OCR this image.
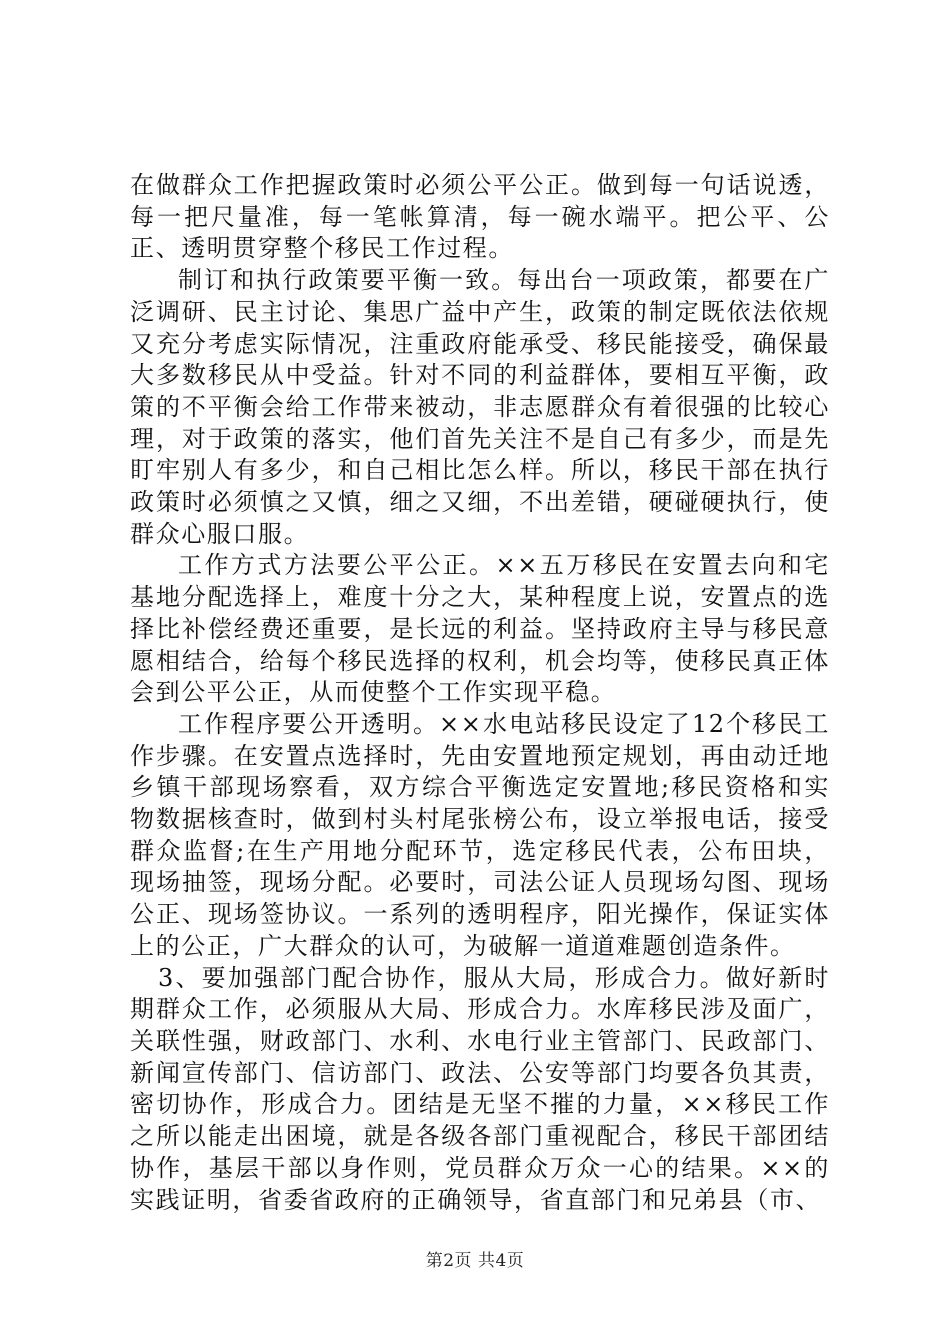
在做群众工作把握政策时必须公平公正。做到每一句话说透，每一把尺量准，每一笔帐算清，每一碗水端平。把公平、公正、透明贯穿整个移民工作过程。

制订和执行政策要平衡一致。每出台一项政策，都要在广泛调研、民主讨论、集思广益中产生，政策的制定既依法依规又充分考虑实际情况，注重政府能承受、移民能接受，确保最大多数移民从中受益。针对不同的利益群体，要相互平衡，政策的不平衡会给工作带来被动，非志愿群众有着很强的比较心理，对于政策的落实，他们首先关注不是自己有多少，而是先盯牢别人有多少，和自己相比怎么样。所以，移民干部在执行政策时必须慎之又慎，细之又细，不出差错，硬碰硬执行，使群众心服口服。

工作方式方法要公平公正。××五万移民在安置去向和宅基地分配选择上，难度十分之大，某种程度上说，安置点的选择比补偿经费还重要，是长远的利益。坚持政府主导与移民意愿相结合，给每个移民选择的权利，机会均等，使移民真正体会到公平公正，从而使整个工作实现平稳。

工作程序要公开透明。××水电站移民设定了12个移民工作步骤。在安置点选择时，先由安置地预定规划，再由动迁地乡镇干部现场察看，双方综合平衡选定安置地;移民资格和实物数据核查时，做到村头村尾张榜公布，设立举报电话，接受群众监督;在生产用地分配环节，选定移民代表，公布田块，现场抽签，现场分配。必要时，司法公证人员现场勾图、现场公正、现场签协议。一系列的透明程序，阳光操作，保证实体上的公正，广大群众的认可，为破解一道道难题创造条件。

3、要加强部门配合协作，服从大局，形成合力。做好新时期群众工作，必须服从大局、形成合力。水库移民涉及面广，关联性强，财政部门、水利、水电行业主管部门、民政部门、新闻宣传部门、信访部门、政法、公安等部门均要各负其责，密切协作，形成合力。团结是无坚不摧的力量，××移民工作之所以能走出困境，就是各级各部门重视配合，移民干部团结协作，基层干部以身作则，党员群众万众一心的结果。××的实践证明，省委省政府的正确领导，省直部门和兄弟县（市、

第2页 共4页
